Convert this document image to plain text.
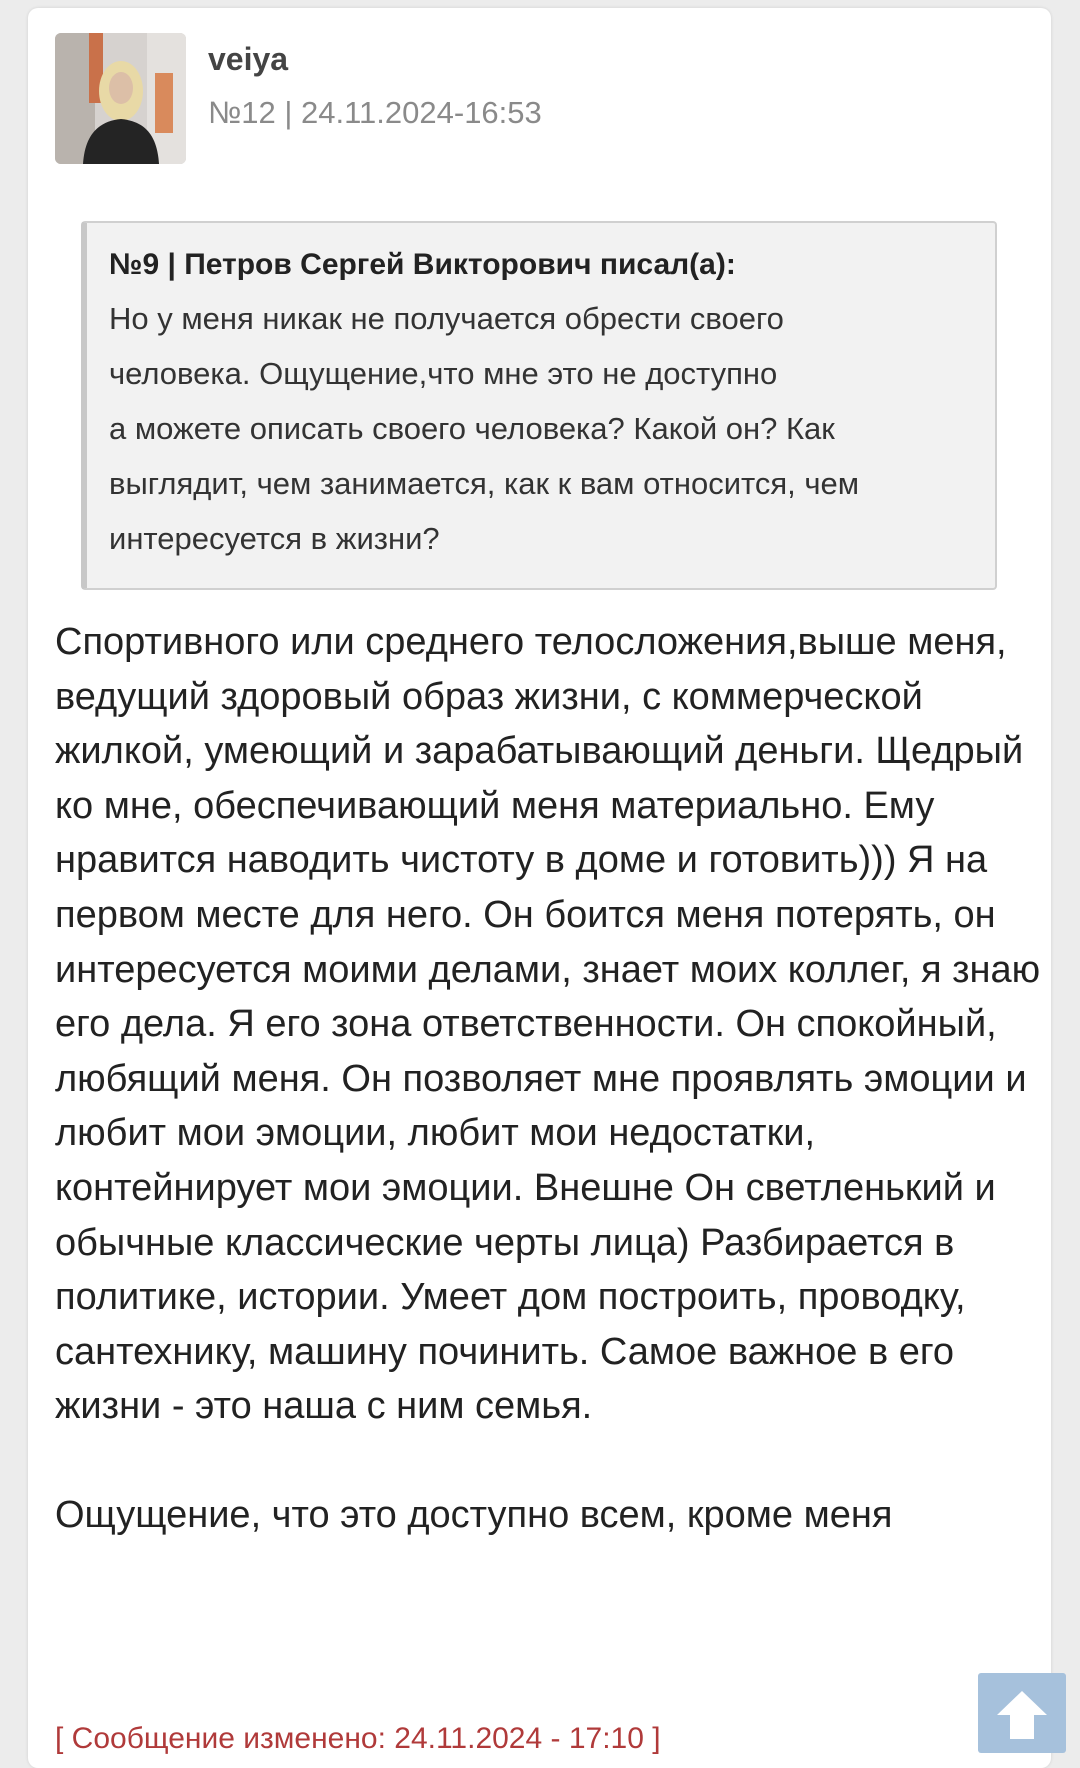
veiya
№12 | 24.11.2024-16:53
№9 | Петров Сергей Викторович писал(а):
Но у меня никак не получается обрести своего
человека. Ощущение,что мне это не доступно
а можете описать своего человека? Какой он? Как
выглядит, чем занимается, как к вам относится, чем
интересуется в жизни?

Спортивного или среднего телосложения,выше меня, ведущий здоровый образ жизни, с коммерческой жилкой, умеющий и зарабатывающий деньги. Щедрый ко мне, обеспечивающий меня материально. Ему нравится наводить чистоту в доме и готовить))) Я на первом месте для него. Он боится меня потерять, он интересуется моими делами, знает моих коллег, я знаю его дела. Я его зона ответственности. Он спокойный, любящий меня. Он позволяет мне проявлять эмоции и любит мои эмоции, любит мои недостатки, контейнирует мои эмоции. Внешне Он светленький и обычные классические черты лица) Разбирается в политике, истории. Умеет дом построить, проводку, сантехнику, машину починить. Самое важное в его жизни - это наша с ним семья.

Ощущение, что это доступно всем, кроме меня

[ Сообщение изменено: 24.11.2024 - 17:10 ]
